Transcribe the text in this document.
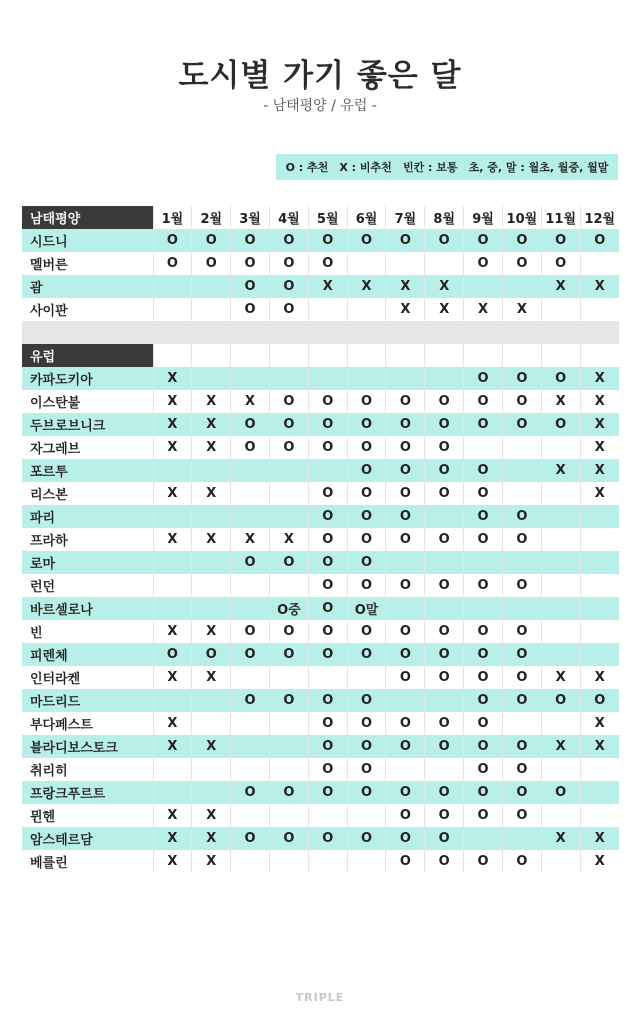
도시별 가기 좋은 달
- 남태평양 / 유럽 -
O : 추천 X : 비추천 빈칸 : 보통 초, 중, 말 : 월초, 월중, 월말
남태평양	1월	2월	3월	4월	5월	6월	7월	8월	9월	10월	11월	12월
시드니	O	O	O	O	O	O	O	O	O	O	O	O
멜버른	O	O	O	O	O				O	O	O	
괌			O	O	X	X	X	X			X	X
사이판			O	O			X	X	X	X		

유럽												
카파도키아	X								O	O	O	X
이스탄불	X	X	X	O	O	O	O	O	O	O	X	X
두브로브니크	X	X	O	O	O	O	O	O	O	O	O	X
자그레브	X	X	O	O	O	O	O	O				X
포르투						O	O	O	O		X	X
리스본	X	X			O	O	O	O	O			X
파리					O	O	O		O	O		
프라하	X	X	X	X	O	O	O	O	O	O		
로마			O	O	O	O						
런던					O	O	O	O	O	O		
바르셀로나				O중	O	O말						
빈	X	X	O	O	O	O	O	O	O	O		
피렌체	O	O	O	O	O	O	O	O	O	O		
인터라켄	X	X					O	O	O	O	X	X
마드리드			O	O	O	O			O	O	O	O
부다페스트	X				O	O	O	O	O			X
블라디보스토크	X	X			O	O	O	O	O	O	X	X
취리히					O	O			O	O		
프랑크푸르트			O	O	O	O	O	O	O	O	O	
뮌헨	X	X					O	O	O	O		
암스테르담	X	X	O	O	O	O	O	O			X	X
베를린	X	X					O	O	O	O		X
TRIPLE
